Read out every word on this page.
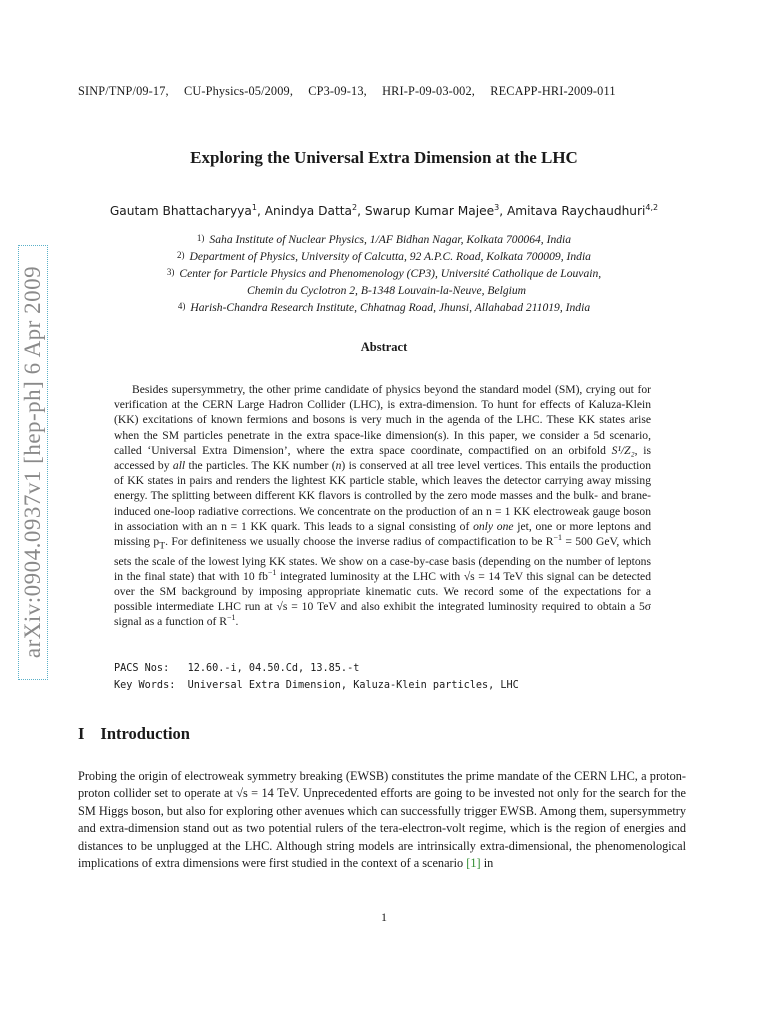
SINP/TNP/09-17, CU-Physics-05/2009, CP3-09-13, HRI-P-09-03-002, RECAPP-HRI-2009-011
Exploring the Universal Extra Dimension at the LHC
Gautam Bhattacharyya$^1$, Anindya Datta$^2$, Swarup Kumar Majee$^3$, Amitava Raychaudhuri$^{4,2}$
$^{1)}$ Saha Institute of Nuclear Physics, 1/AF Bidhan Nagar, Kolkata 700064, India
$^{2)}$ Department of Physics, University of Calcutta, 92 A.P.C. Road, Kolkata 700009, India
$^{3)}$ Center for Particle Physics and Phenomenology (CP3), Université Catholique de Louvain,
Chemin du Cyclotron 2, B-1348 Louvain-la-Neuve, Belgium
$^{4)}$ Harish-Chandra Research Institute, Chhatnag Road, Jhunsi, Allahabad 211019, India
Abstract
Besides supersymmetry, the other prime candidate of physics beyond the standard model (SM), crying out for verification at the CERN Large Hadron Collider (LHC), is extra-dimension. To hunt for effects of Kaluza-Klein (KK) excitations of known fermions and bosons is very much in the agenda of the LHC. These KK states arise when the SM particles penetrate in the extra space-like dimension(s). In this paper, we consider a 5d scenario, called ‘Universal Extra Dimension’, where the extra space coordinate, compactified on an orbifold S¹/Z₂, is accessed by all the particles. The KK number (n) is conserved at all tree level vertices. This entails the production of KK states in pairs and renders the lightest KK particle stable, which leaves the detector carrying away missing energy. The splitting between different KK flavors is controlled by the zero mode masses and the bulk- and brane-induced one-loop radiative corrections. We concentrate on the production of an n = 1 KK electroweak gauge boson in association with an n = 1 KK quark. This leads to a signal consisting of only one jet, one or more leptons and missing $p_T$. For definiteness we usually choose the inverse radius of compactification to be $R^{-1} = 500$ GeV, which sets the scale of the lowest lying KK states. We show on a case-by-case basis (depending on the number of leptons in the final state) that with 10 $fb^{-1}$ integrated luminosity at the LHC with √s = 14 TeV this signal can be detected over the SM background by imposing appropriate kinematic cuts. We record some of the expectations for a possible intermediate LHC run at √s = 10 TeV and also exhibit the integrated luminosity required to obtain a 5σ signal as a function of $R^{-1}$.
PACS Nos:   12.60.-i, 04.50.Cd, 13.85.-t
Key Words:  Universal Extra Dimension, Kaluza-Klein particles, LHC
I Introduction
Probing the origin of electroweak symmetry breaking (EWSB) constitutes the prime mandate of the CERN LHC, a proton-proton collider set to operate at √s = 14 TeV. Unprecedented efforts are going to be invested not only for the search for the SM Higgs boson, but also for exploring other avenues which can successfully trigger EWSB. Among them, supersymmetry and extra-dimension stand out as two potential rulers of the tera-electron-volt regime, which is the region of energies and distances to be unplugged at the LHC. Although string models are intrinsically extra-dimensional, the phenomenological implications of extra dimensions were first studied in the context of a scenario [1] in
1
arXiv:0904.0937v1 [hep-ph] 6 Apr 2009
